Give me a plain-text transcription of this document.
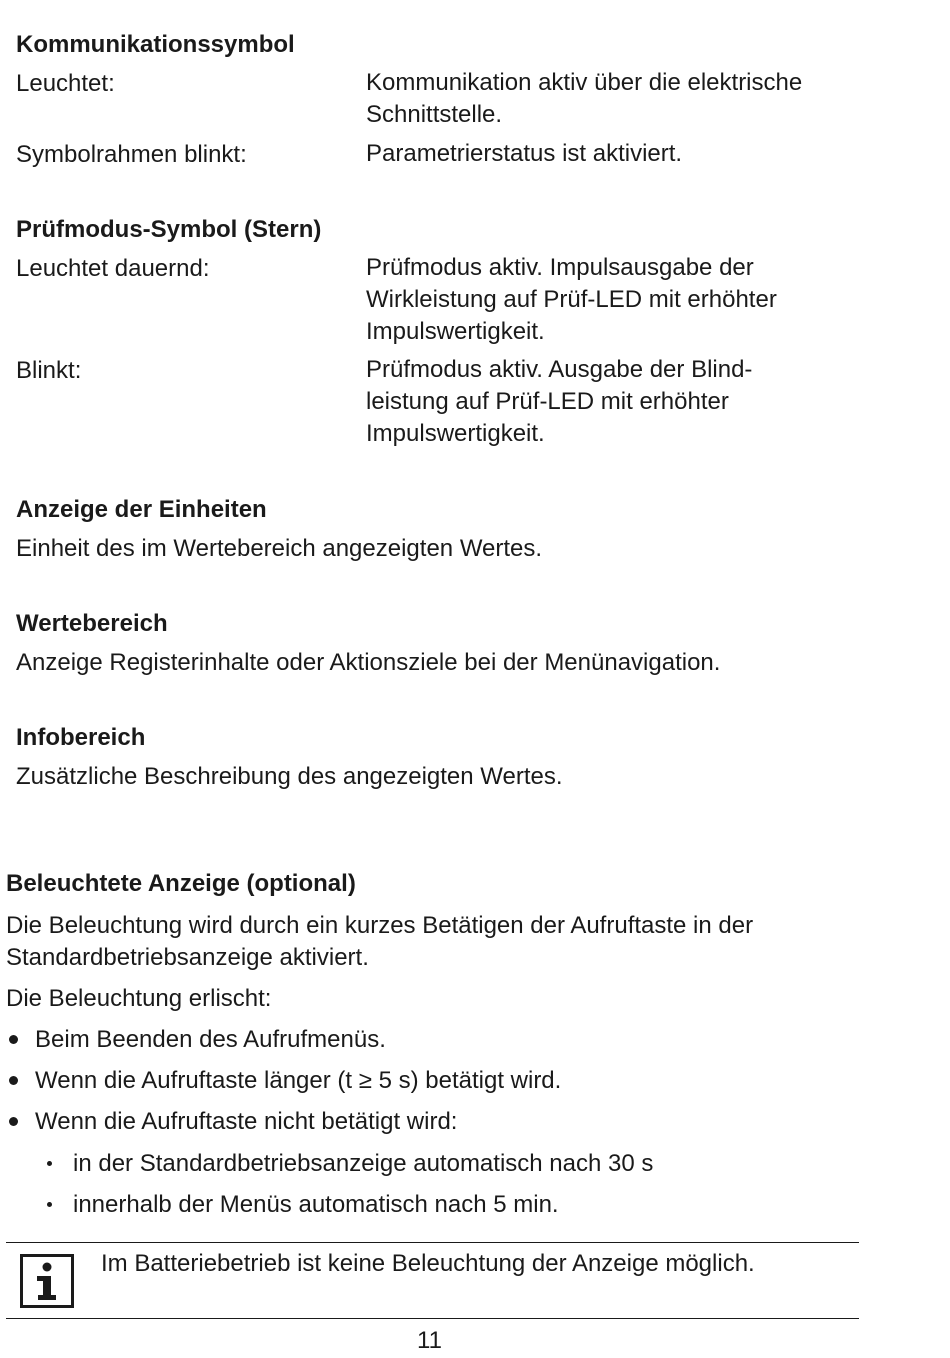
Kommunikationssymbol
Leuchtet:	Kommunikation aktiv über die elektrische
Schnittstelle.
Symbolrahmen blinkt:	Parametrierstatus ist aktiviert.
Prüfmodus-Symbol (Stern)
Leuchtet dauernd:	Prüfmodus aktiv. Impulsausgabe der
Wirkleistung auf Prüf-LED mit erhöhter
Impulswertigkeit.
Blinkt:	Prüfmodus aktiv. Ausgabe der Blind-
leistung auf Prüf-LED mit erhöhter
Impulswertigkeit.
Anzeige der Einheiten
Einheit des im Wertebereich angezeigten Wertes.
Wertebereich
Anzeige Registerinhalte oder Aktionsziele bei der Menünavigation.
Infobereich
Zusätzliche Beschreibung des angezeigten Wertes.
Beleuchtete Anzeige (optional)
Die Beleuchtung wird durch ein kurzes Betätigen der Aufruftaste in der
Standardbetriebsanzeige aktiviert.
Die Beleuchtung erlischt:
Beim Beenden des Aufrufmenüs.
Wenn die Aufruftaste länger (t ≥ 5 s) betätigt wird.
Wenn die Aufruftaste nicht betätigt wird:
in der Standardbetriebsanzeige automatisch nach 30 s
innerhalb der Menüs automatisch nach 5 min.
Im Batteriebetrieb ist keine Beleuchtung der Anzeige möglich.
11
